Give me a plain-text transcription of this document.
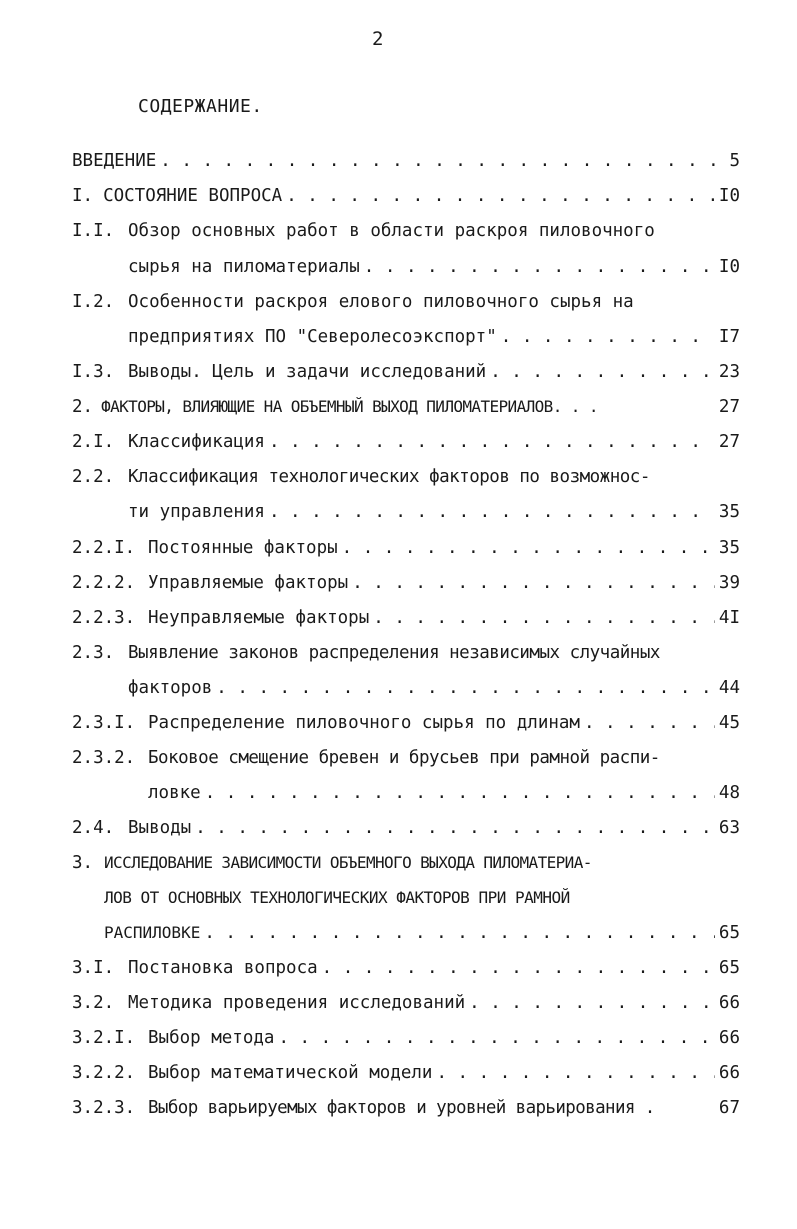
2
СОДЕРЖАНИЕ.
ВВЕДЕНИЕ . . .	5
I. СОСТОЯНИЕ ВОПРОСА . . .	I0
I.I. Обзор основных работ в области раскроя пиловочного
сырья на пиломатериалы . . .	I0
I.2. Особенности раскроя елового пиловочного сырья на
предприятиях ПО "Северолесоэкспорт" . . .	I7
I.3. Выводы. Цель и задачи исследований . . .	23
2. ФАКТОРЫ, ВЛИЯЮЩИЕ НА ОБЪЕМНЫЙ ВЫХОД ПИЛОМАТЕРИАЛОВ. . .	27
2.I. Классификация . . .	27
2.2. Классификация технологических факторов по возможнос-
ти управления . . .	35
2.2.I. Постоянные факторы . . .	35
2.2.2. Управляемые факторы . . .	39
2.2.3. Неуправляемые факторы . . .	4I
2.3. Выявление законов распределения независимых случайных
факторов . . .	44
2.3.I. Распределение пиловочного сырья по длинам . . .	45
2.3.2. Боковое смещение бревен и брусьев при рамной распи-
ловке . . .	48
2.4. Выводы . . .	63
3. ИССЛЕДОВАНИЕ ЗАВИСИМОСТИ ОБЪЕМНОГО ВЫХОДА ПИЛОМАТЕРИА-
ЛОВ ОТ ОСНОВНЫХ ТЕХНОЛОГИЧЕСКИХ ФАКТОРОВ ПРИ РАМНОЙ
РАСПИЛОВКЕ . . .	65
3.I. Постановка вопроса . . .	65
3.2. Методика проведения исследований . . .	66
3.2.I. Выбор метода . . .	66
3.2.2. Выбор математической модели . . .	66
3.2.3. Выбор варьируемых факторов и уровней варьирования .	67
